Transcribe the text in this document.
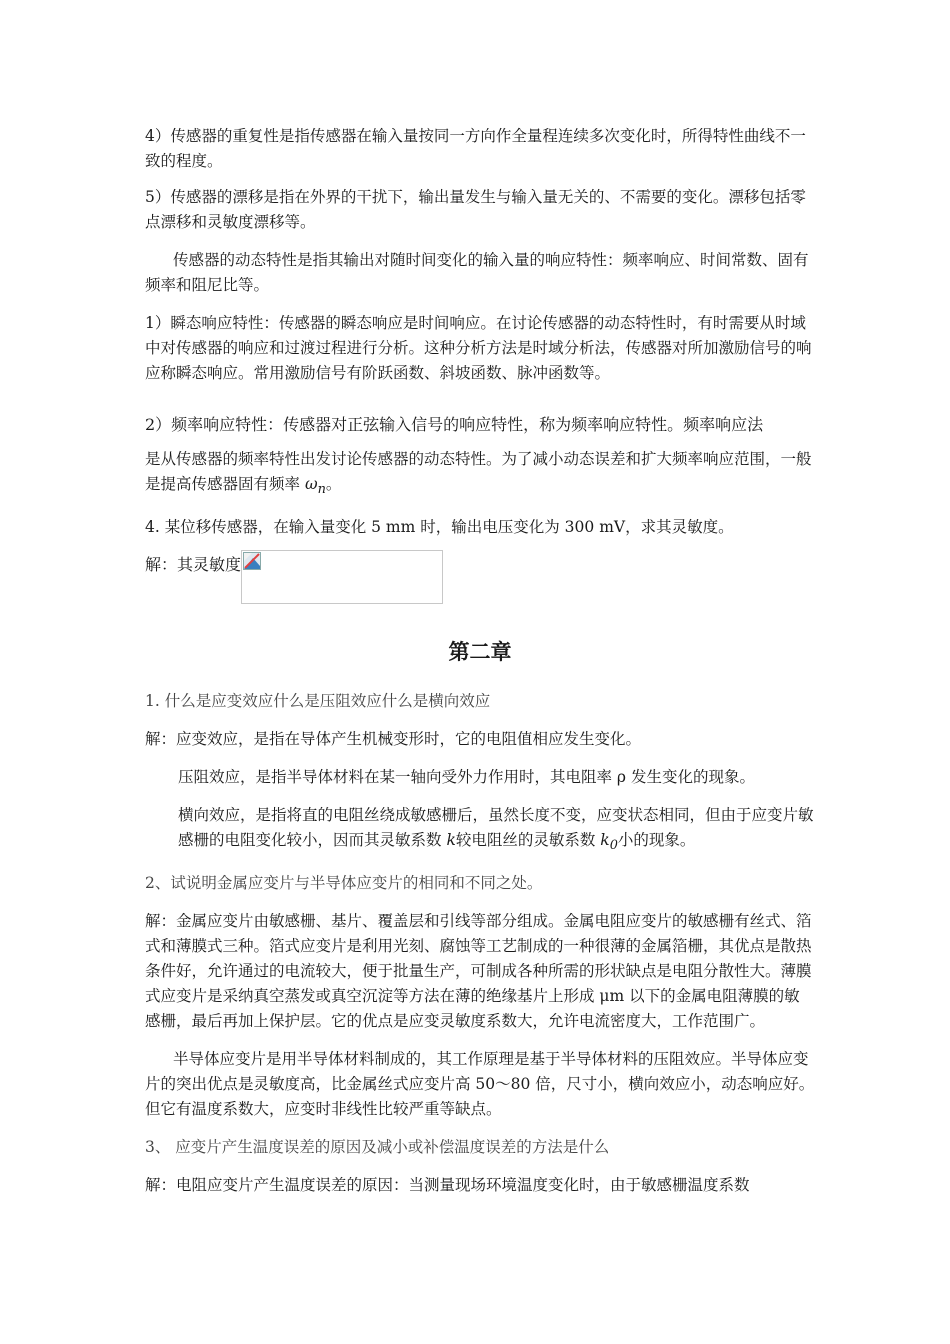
4）传感器的重复性是指传感器在输入量按同一方向作全量程连续多次变化时，所得特性曲线不一致的程度。

5）传感器的漂移是指在外界的干扰下，输出量发生与输入量无关的、不需要的变化。漂移包括零点漂移和灵敏度漂移等。

传感器的动态特性是指其输出对随时间变化的输入量的响应特性：频率响应、时间常数、固有频率和阻尼比等。

1）瞬态响应特性：传感器的瞬态响应是时间响应。在讨论传感器的动态特性时，有时需要从时域中对传感器的响应和过渡过程进行分析。这种分析方法是时域分析法，传感器对所加激励信号的响应称瞬态响应。常用激励信号有阶跃函数、斜坡函数、脉冲函数等。

2）频率响应特性：传感器对正弦输入信号的响应特性，称为频率响应特性。频率响应法

是从传感器的频率特性出发讨论传感器的动态特性。为了减小动态误差和扩大频率响应范围，一般是提高传感器固有频率 $\omega_n$。

4. 某位移传感器，在输入量变化 5 mm 时，输出电压变化为 300 mV，求其灵敏度。

解：其灵敏度

第二章

1. 什么是应变效应什么是压阻效应什么是横向效应

解：应变效应，是指在导体产生机械变形时，它的电阻值相应发生变化。

压阻效应，是指半导体材料在某一轴向受外力作用时，其电阻率 ρ 发生变化的现象。

横向效应，是指将直的电阻丝绕成敏感栅后，虽然长度不变，应变状态相同，但由于应变片敏感栅的电阻变化较小，因而其灵敏系数 k较电阻丝的灵敏系数 $k_0$小的现象。

2、试说明金属应变片与半导体应变片的相同和不同之处。

解：金属应变片由敏感栅、基片、覆盖层和引线等部分组成。金属电阻应变片的敏感栅有丝式、箔式和薄膜式三种。箔式应变片是利用光刻、腐蚀等工艺制成的一种很薄的金属箔栅，其优点是散热条件好，允许通过的电流较大，便于批量生产，可制成各种所需的形状缺点是电阻分散性大。薄膜式应变片是采纳真空蒸发或真空沉淀等方法在薄的绝缘基片上形成 μm 以下的金属电阻薄膜的敏感栅，最后再加上保护层。它的优点是应变灵敏度系数大，允许电流密度大，工作范围广。

半导体应变片是用半导体材料制成的，其工作原理是基于半导体材料的压阻效应。半导体应变片的突出优点是灵敏度高，比金属丝式应变片高 50～80 倍，尺寸小，横向效应小，动态响应好。但它有温度系数大，应变时非线性比较严重等缺点。

3、 应变片产生温度误差的原因及减小或补偿温度误差的方法是什么

解：电阻应变片产生温度误差的原因：当测量现场环境温度变化时，由于敏感栅温度系数
